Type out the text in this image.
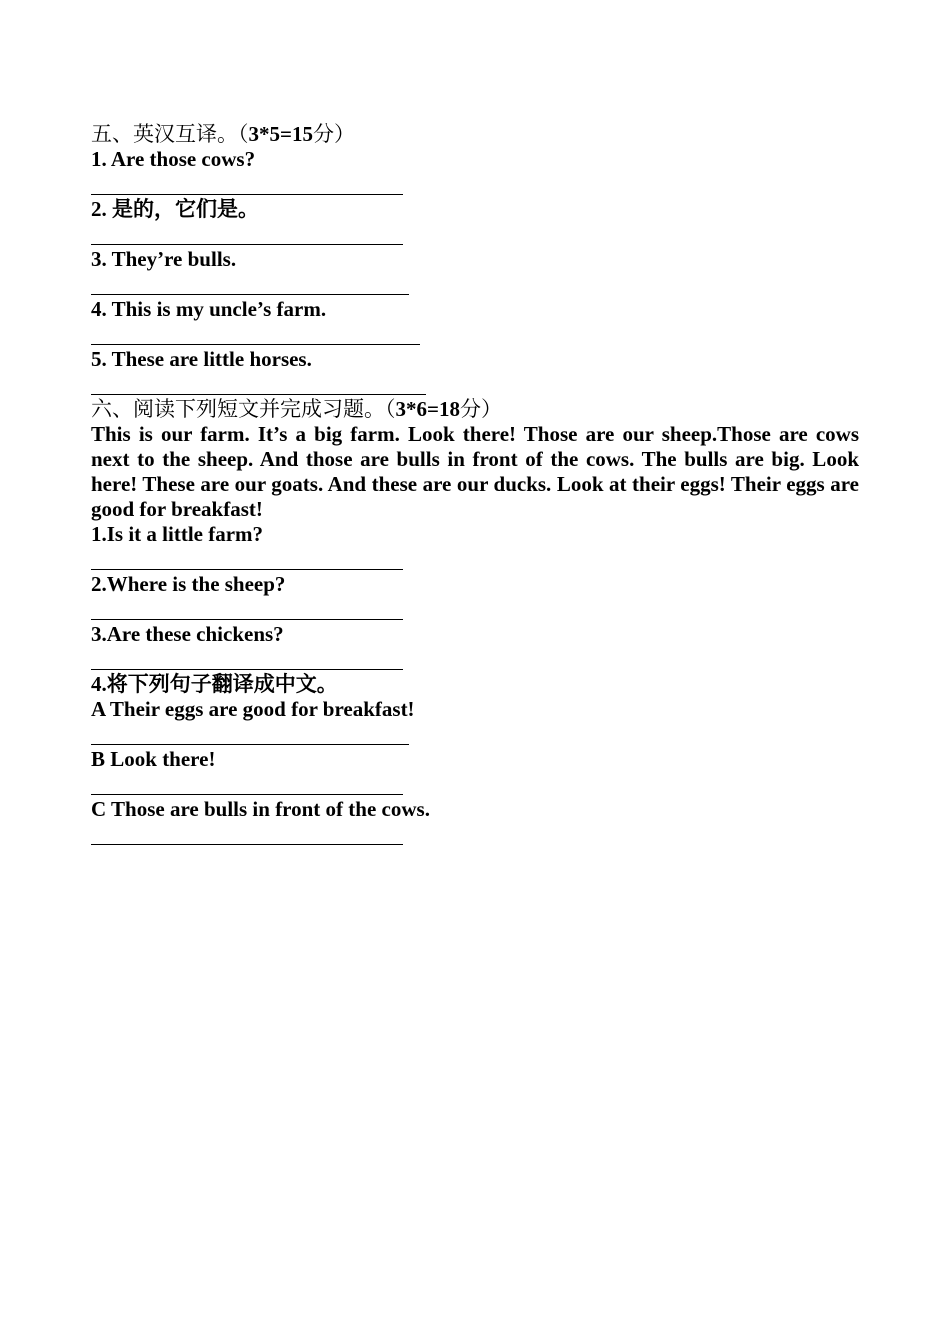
五、英汉互译。（3*5=15分）
1. Are those cows?
2. 是的，它们是。
3. They’re bulls.
4. This is my uncle’s farm.
5. These are little horses.
六、阅读下列短文并完成习题。（3*6=18分）
This is our farm. It’s a big farm. Look there! Those are our sheep.Those are cows next to the sheep. And those are bulls in front of the cows. The bulls are big. Look here! These are our goats. And these are our ducks. Look at their eggs! Their eggs are good for breakfast!
1.Is it a little farm?
2.Where is the sheep?
3.Are these chickens?
4.将下列句子翻译成中文。
A Their eggs are good for breakfast!
B Look there!
C Those are bulls in front of the cows.
